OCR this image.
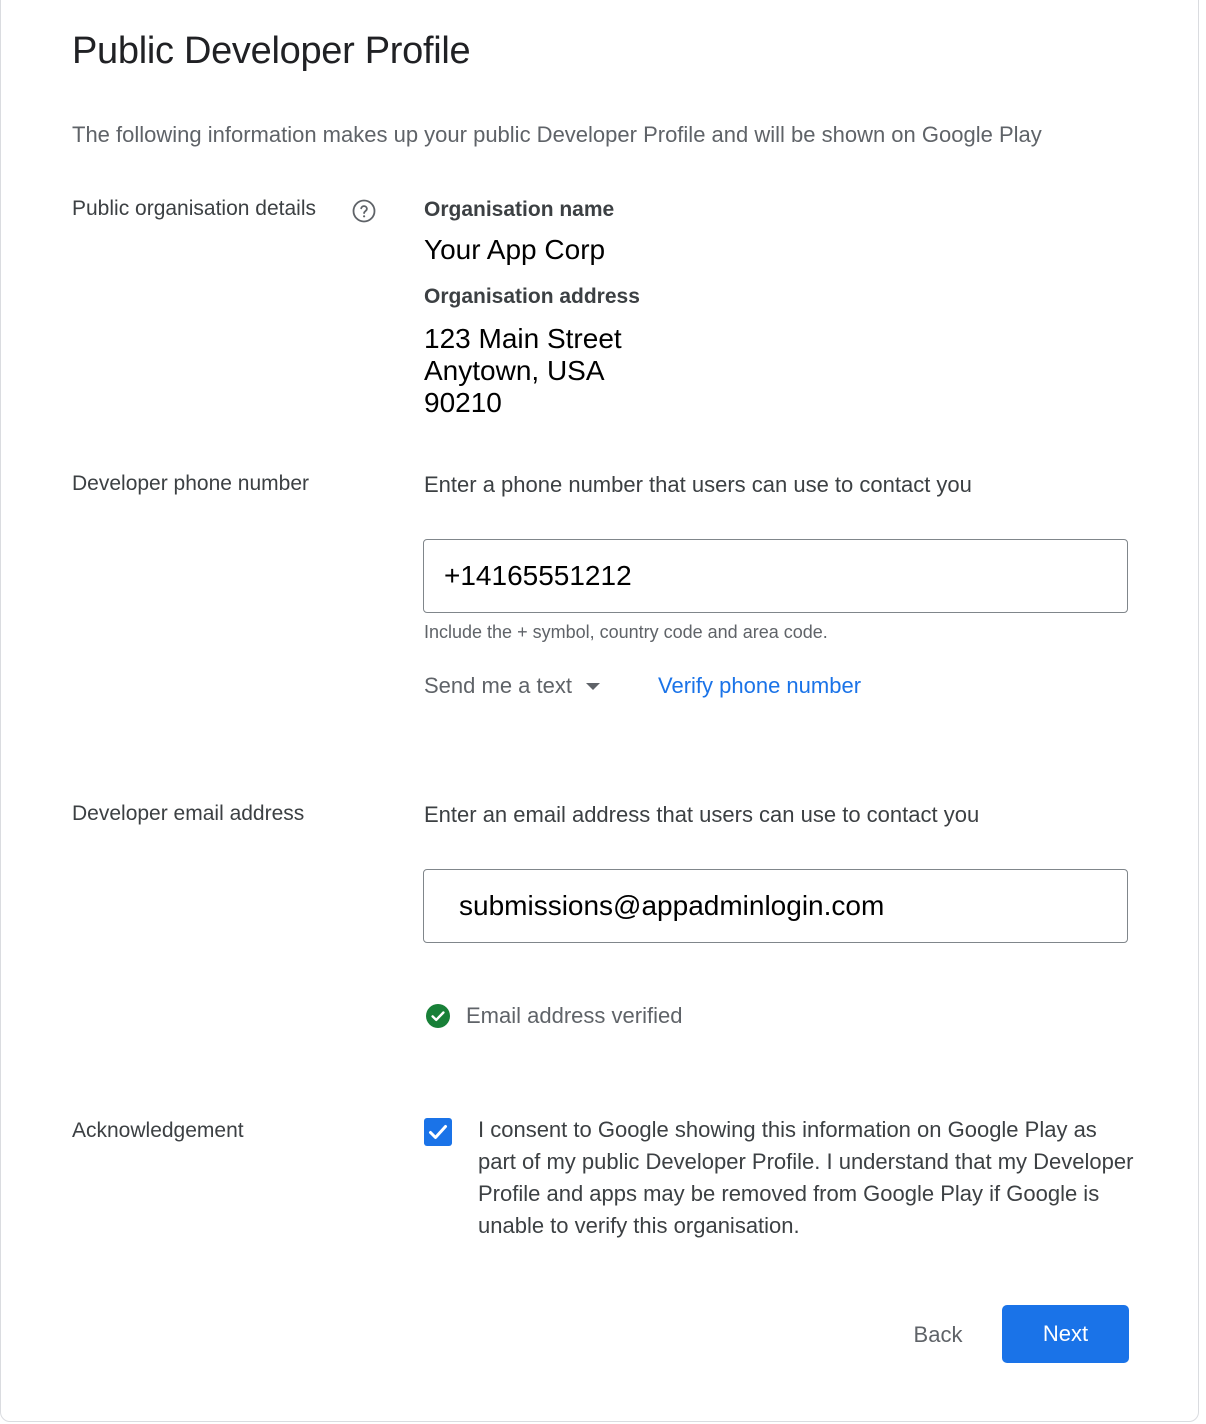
Public Developer Profile
The following information makes up your public Developer Profile and will be shown on Google Play
Public organisation details	Organisation name
Your App Corp
Organisation address
123 Main Street
Anytown, USA
90210
Developer phone number	Enter a phone number that users can use to contact you
+14165551212
Include the + symbol, country code and area code.
Send me a text	Verify phone number
Developer email address	Enter an email address that users can use to contact you
submissions@appadminlogin.com
Email address verified
Acknowledgement	I consent to Google showing this information on Google Play as part of my public Developer Profile. I understand that my Developer Profile and apps may be removed from Google Play if Google is unable to verify this organisation.
Back	Next
